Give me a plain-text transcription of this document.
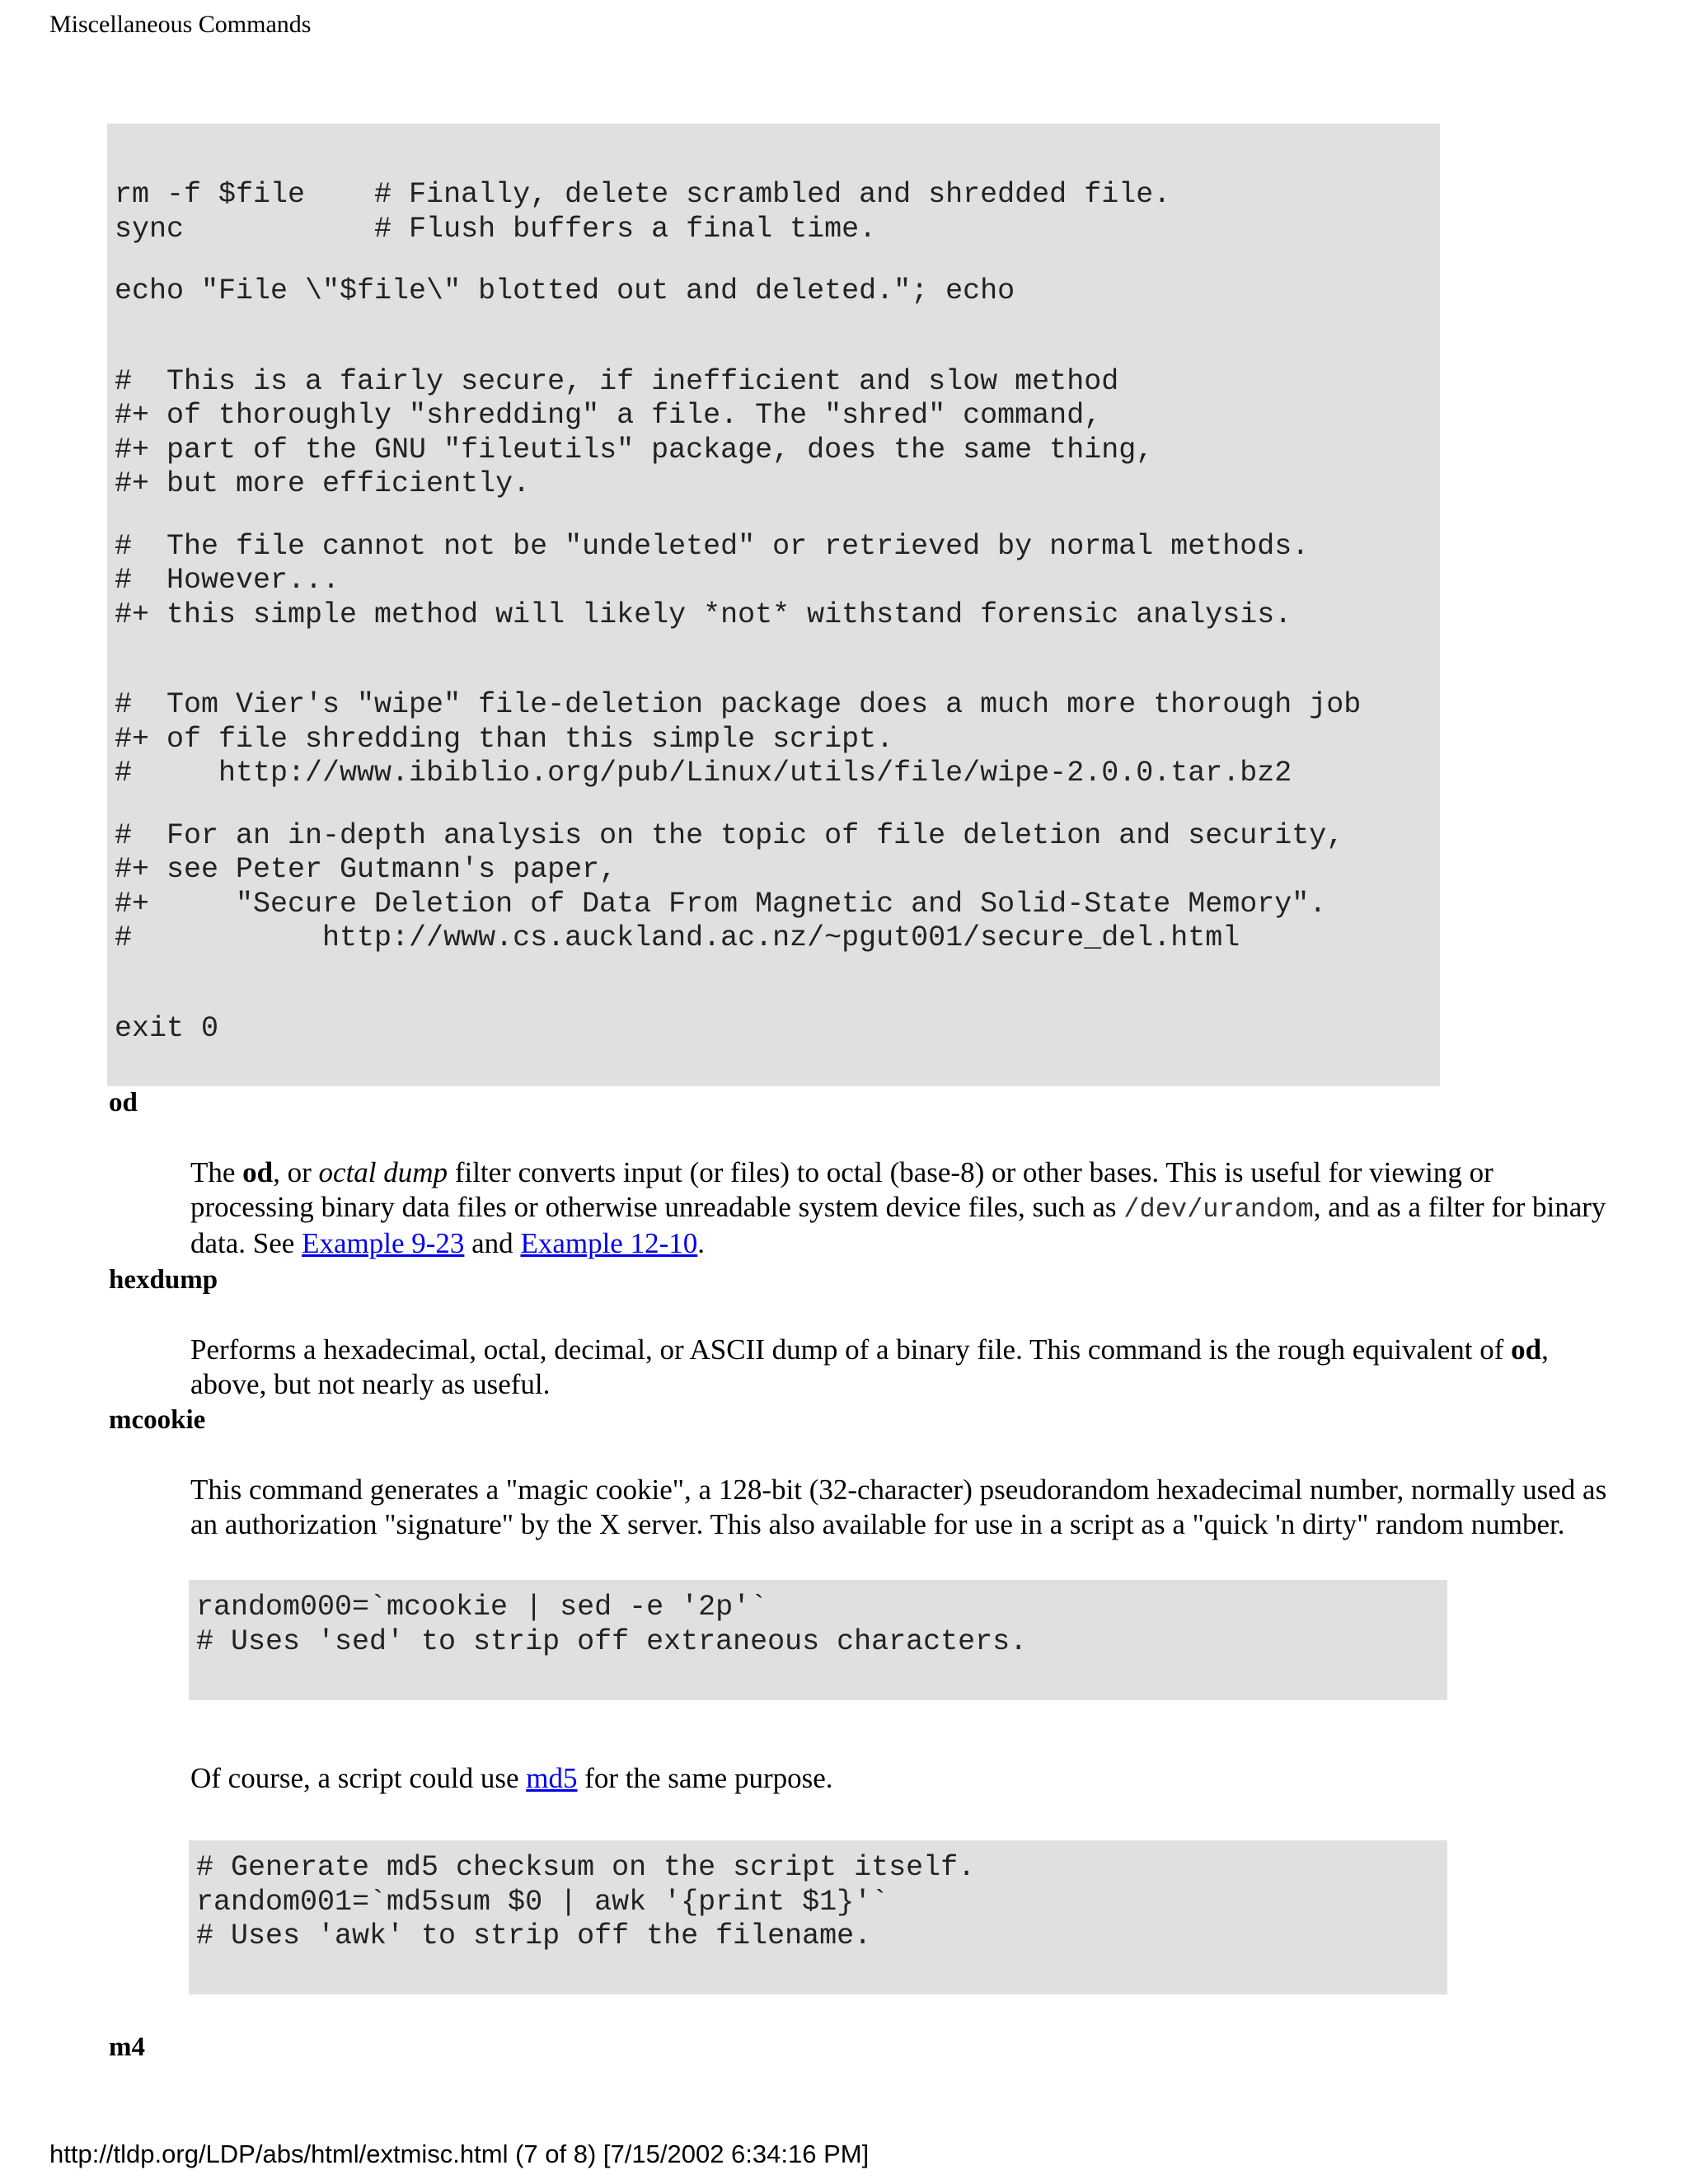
Miscellaneous Commands
rm -f $file    # Finally, delete scrambled and shredded file.
sync           # Flush buffers a final time.
echo "File \"$file\" blotted out and deleted."; echo
#  This is a fairly secure, if inefficient and slow method
#+ of thoroughly "shredding" a file. The "shred" command,
#+ part of the GNU "fileutils" package, does the same thing,
#+ but more efficiently.
#  The file cannot not be "undeleted" or retrieved by normal methods.
#  However...
#+ this simple method will likely *not* withstand forensic analysis.
#  Tom Vier's "wipe" file-deletion package does a much more thorough job
#+ of file shredding than this simple script.
#     http://www.ibiblio.org/pub/Linux/utils/file/wipe-2.0.0.tar.bz2
#  For an in-depth analysis on the topic of file deletion and security,
#+ see Peter Gutmann's paper,
#+     "Secure Deletion of Data From Magnetic and Solid-State Memory".
#           http://www.cs.auckland.ac.nz/~pgut001/secure_del.html
exit 0
od
The od, or octal dump filter converts input (or files) to octal (base-8) or other bases. This is useful for viewing or processing binary data files or otherwise unreadable system device files, such as /dev/urandom, and as a filter for binary data. See Example 9-23 and Example 12-10.
hexdump
Performs a hexadecimal, octal, decimal, or ASCII dump of a binary file. This command is the rough equivalent of od, above, but not nearly as useful.
mcookie
This command generates a "magic cookie", a 128-bit (32-character) pseudorandom hexadecimal number, normally used as an authorization "signature" by the X server. This also available for use in a script as a "quick 'n dirty" random number.
random000=`mcookie | sed -e '2p'`
# Uses 'sed' to strip off extraneous characters.
Of course, a script could use md5 for the same purpose.
# Generate md5 checksum on the script itself.
random001=`md5sum $0 | awk '{print $1}'`
# Uses 'awk' to strip off the filename.
m4
http://tldp.org/LDP/abs/html/extmisc.html (7 of 8) [7/15/2002 6:34:16 PM]
